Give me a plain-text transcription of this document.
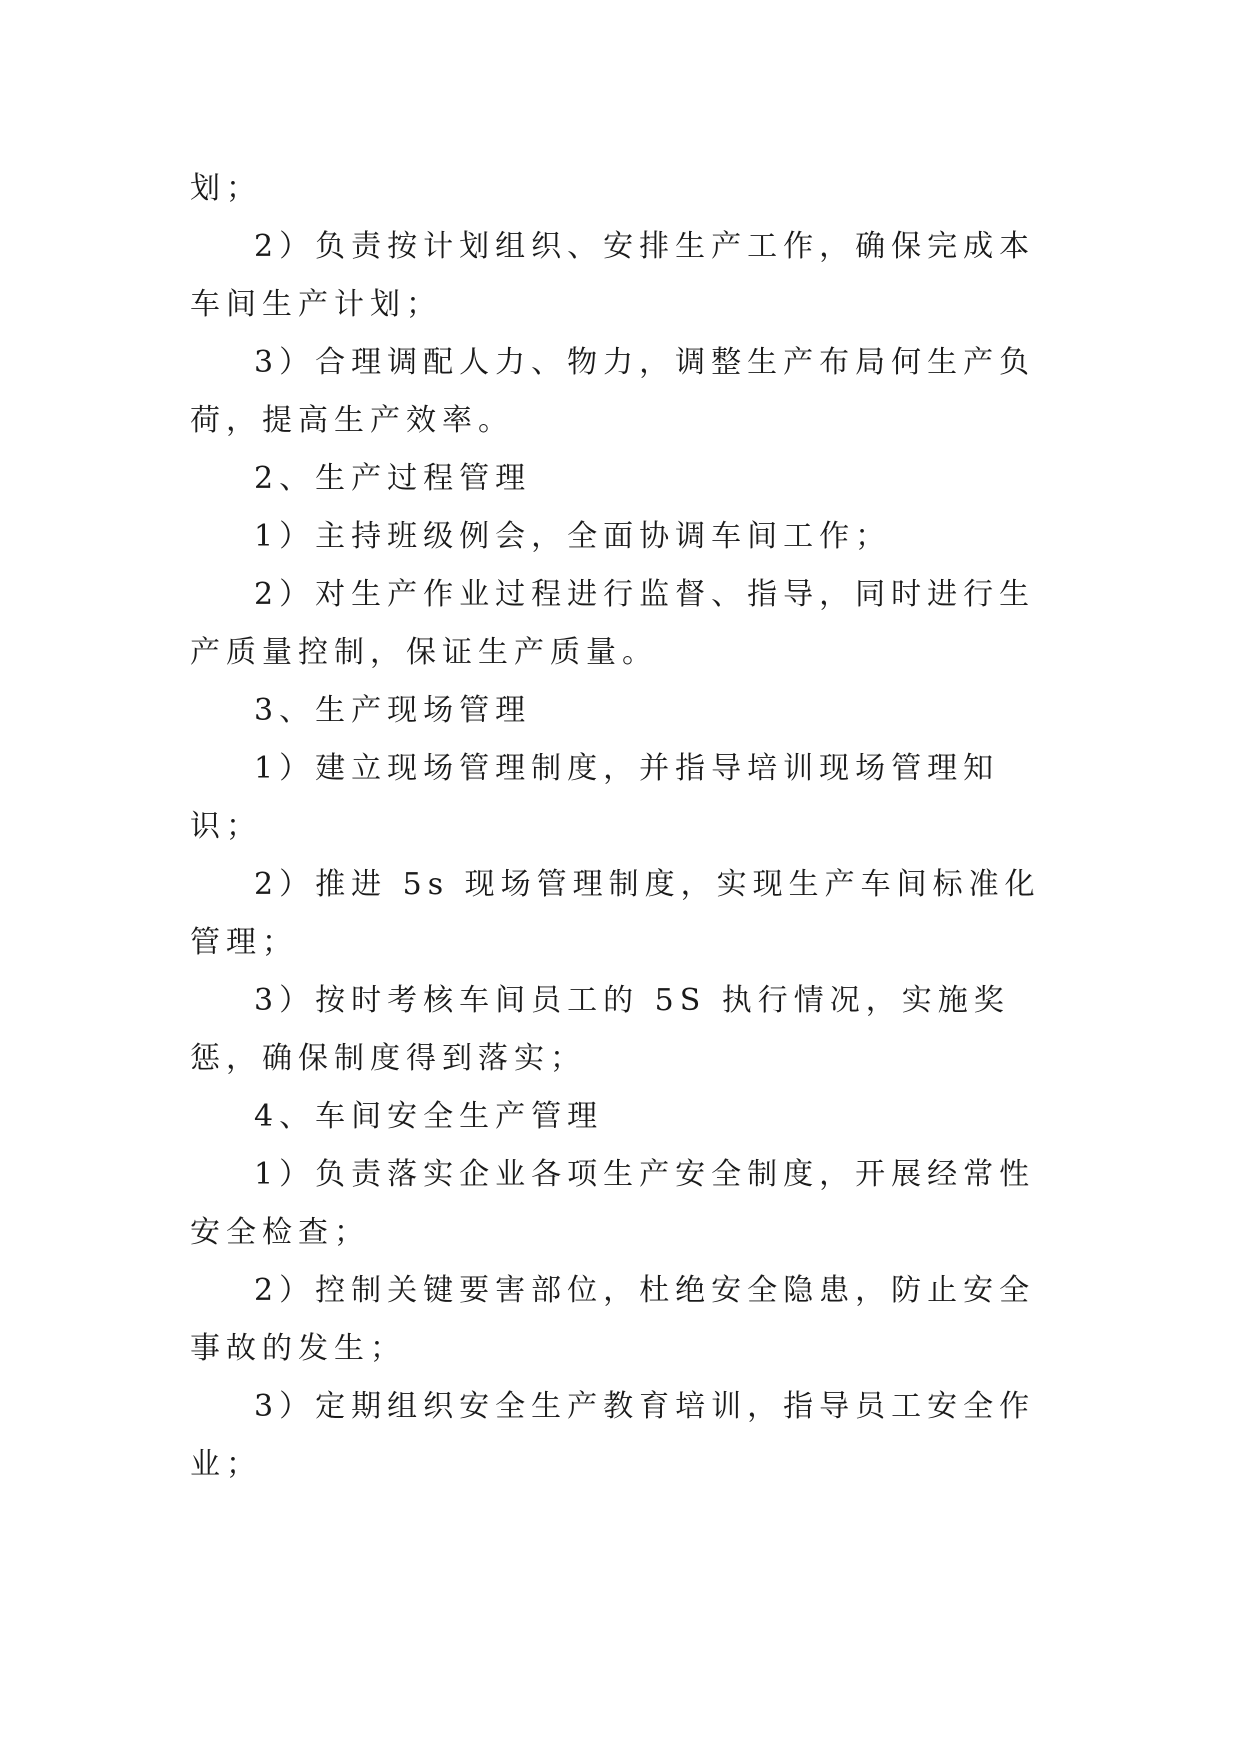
划；

2）负责按计划组织、安排生产工作，确保完成本车间生产计划；

3）合理调配人力、物力，调整生产布局何生产负荷，提高生产效率。

2、生产过程管理

1）主持班级例会，全面协调车间工作；

2）对生产作业过程进行监督、指导，同时进行生产质量控制，保证生产质量。

3、生产现场管理

1）建立现场管理制度，并指导培训现场管理知识；

2）推进 5s 现场管理制度，实现生产车间标准化管理；

3）按时考核车间员工的 5S 执行情况，实施奖惩，确保制度得到落实；

4、车间安全生产管理

1）负责落实企业各项生产安全制度，开展经常性安全检查；

2）控制关键要害部位，杜绝安全隐患，防止安全事故的发生；

3）定期组织安全生产教育培训，指导员工安全作业；
